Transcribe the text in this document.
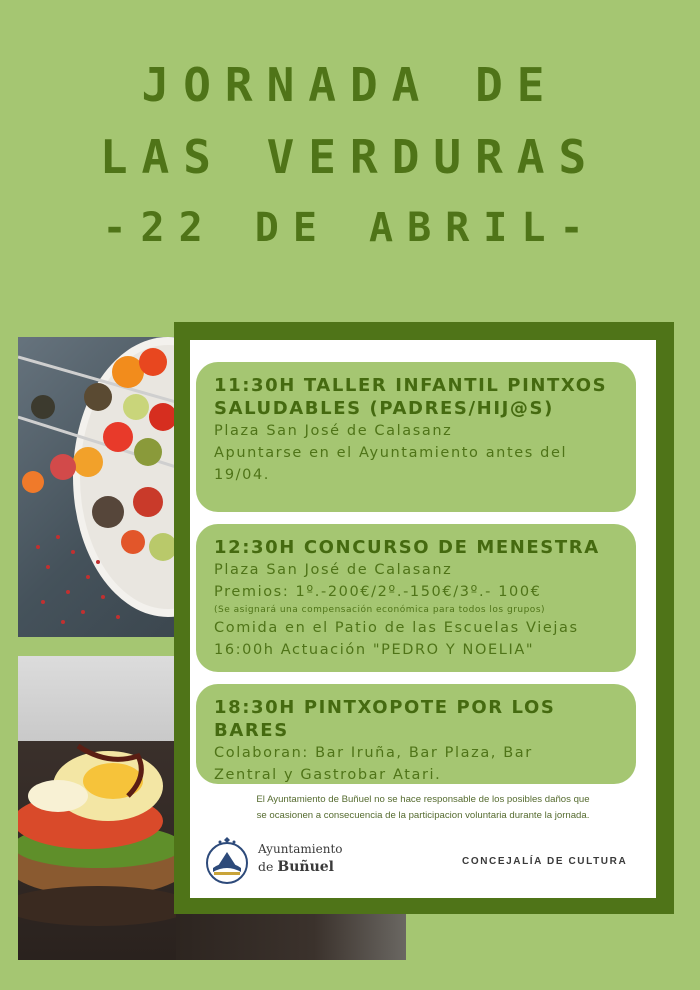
JORNADA DE
LAS VERDURAS
-22 DE ABRIL-

11:30H TALLER INFANTIL PINTXOS

SALUDABLES (PADRES/HIJ@S)

Plaza San José de Calasanz

Apuntarse en el Ayuntamiento antes del

19/04.

12:30H CONCURSO DE MENESTRA

Plaza San José de Calasanz

Premios: 1º.-200€/2º.-150€/3º.- 100€

(Se asignará una compensación económica para todos los grupos)

Comida en el Patio de las Escuelas Viejas

16:00h Actuación "PEDRO Y NOELIA"

18:30H PINTXOPOTE POR LOS BARES

Colaboran: Bar Iruña, Bar Plaza, Bar

Zentral y Gastrobar Atari.

El Ayuntamiento de Buñuel no se hace responsable de los posibles daños que
se ocasionen a consecuencia de la participacion voluntaria durante la jornada.

Ayuntamiento

de Buñuel	CONCEJALÍA DE CULTURA
